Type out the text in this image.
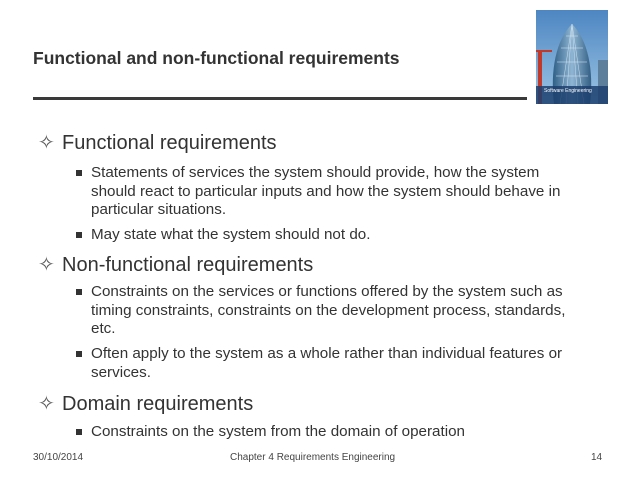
Functional and non-functional requirements
Software Engineering
✧ Functional requirements
Statements of services the system should provide, how the system should react to particular inputs and how the system should behave in particular situations.
May state what the system should not do.
✧ Non-functional requirements
Constraints on the services or functions offered by the system such as timing constraints, constraints on the development process, standards, etc.
Often apply to the system as a whole rather than individual features or services.
✧ Domain requirements
Constraints on the system from the domain of operation
30/10/2014	Chapter 4 Requirements Engineering	14
